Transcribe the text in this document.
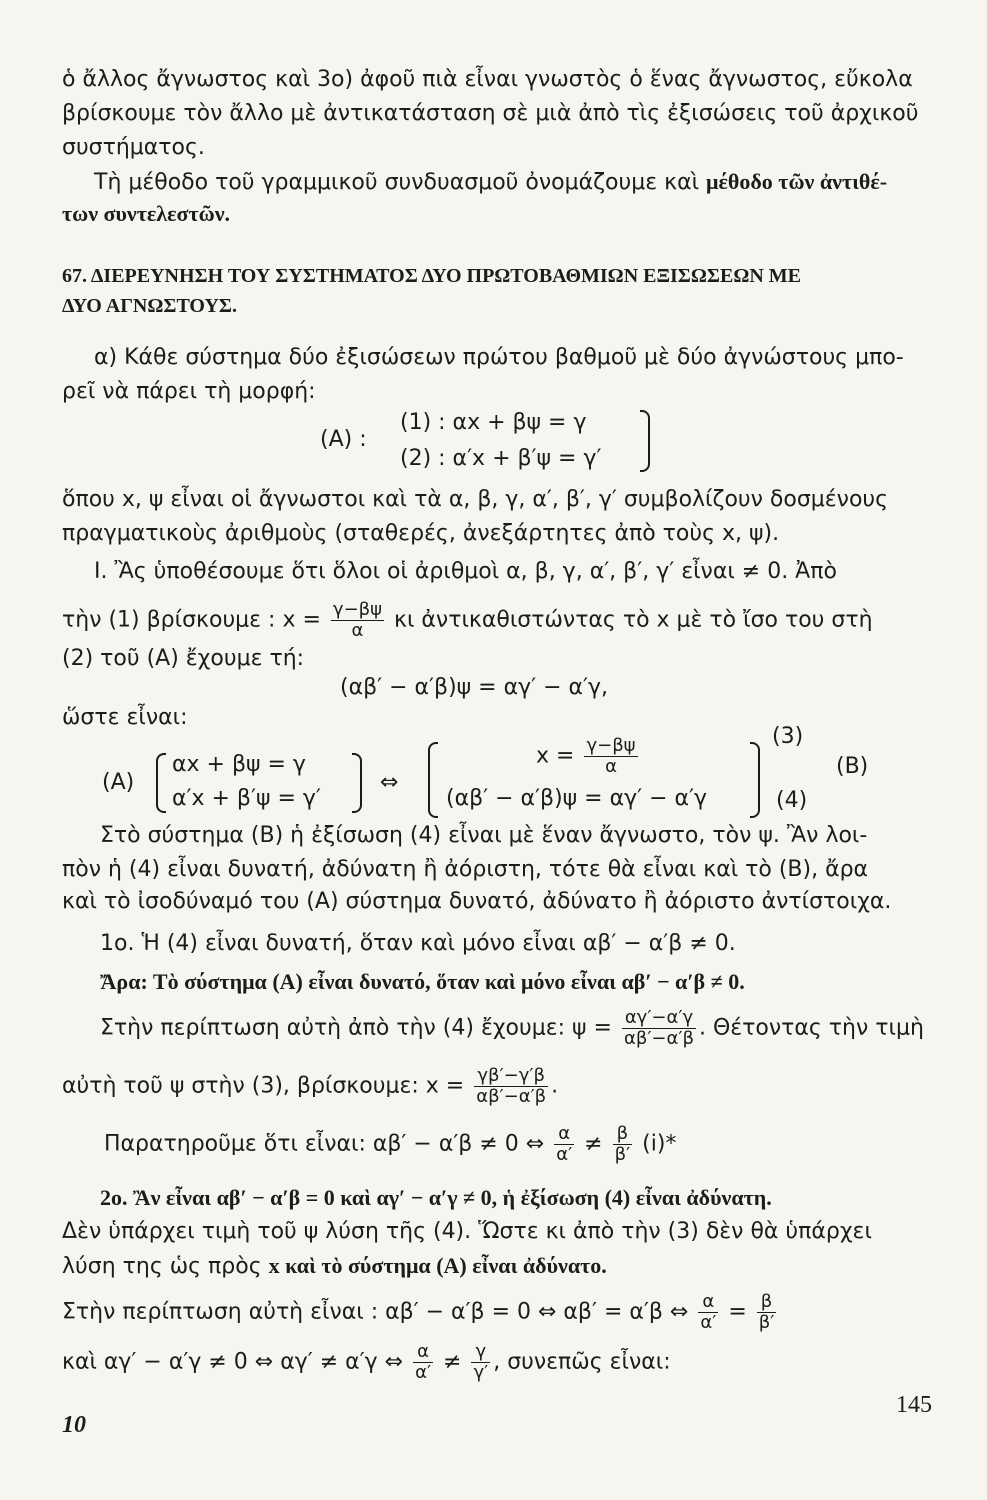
ὁ ἄλλος ἄγνωστος καὶ 3ο) ἀφοῦ πιὰ εἶναι γνωστὸς ὁ ἕνας ἄγνωστος, εὔκολα
βρίσκουμε τὸν ἄλλο μὲ ἀντικατάσταση σὲ μιὰ ἀπὸ τὶς ἐξισώσεις τοῦ ἀρχικοῦ
συστήματος.
Τὴ μέθοδο τοῦ γραμμικοῦ συνδυασμοῦ ὀνομάζουμε καὶ μέθοδο τῶν ἀντιθέ-
των συντελεστῶν.
67. ΔΙΕΡΕΥΝΗΣΗ ΤΟΥ ΣΥΣΤΗΜΑΤΟΣ ΔΥΟ ΠΡΩΤΟΒΑΘΜΙΩΝ ΕΞΙΣΩΣΕΩΝ ΜΕ
ΔΥΟ ΑΓΝΩΣΤΟΥΣ.
α) Κάθε σύστημα δύο ἐξισώσεων πρώτου βαθμοῦ μὲ δύο ἀγνώστους μπο-
ρεῖ νὰ πάρει τὴ μορφή:
(A) :
(1) : αx + βψ = γ
(2) : α′x + β′ψ = γ′
ὅπου x, ψ εἶναι οἱ ἄγνωστοι καὶ τὰ α, β, γ, α′, β′, γ′ συμβολίζουν δοσμένους
πραγματικοὺς ἀριθμοὺς (σταθερές, ἀνεξάρτητες ἀπὸ τοὺς x, ψ).
Ι. Ἂς ὑποθέσουμε ὅτι ὅλοι οἱ ἀριθμοὶ α, β, γ, α′, β′, γ′ εἶναι ≠ 0. Ἀπὸ
τὴν (1) βρίσκουμε : $x = \frac{\gamma-\beta\psi}{\alpha}$ κι ἀντικαθιστώντας τὸ x μὲ τὸ ἴσο του στὴ
(2) τοῦ (A) ἔχουμε τή:
(αβ′ − α′β)ψ = αγ′ − α′γ,
ὥστε εἶναι:
(A)
αx + βψ = γ
α′x + β′ψ = γ′
⇔
$x = \frac{\gamma-\beta\psi}{\alpha}$
(αβ′ − α′β)ψ = αγ′ − α′γ
(3)
(4)
(B)
Στὸ σύστημα (B) ἡ ἐξίσωση (4) εἶναι μὲ ἕναν ἄγνωστο, τὸν ψ. Ἂν λοι-
πὸν ἡ (4) εἶναι δυνατή, ἀδύνατη ἢ ἀόριστη, τότε θὰ εἶναι καὶ τὸ (B), ἄρα
καὶ τὸ ἰσοδύναμό του (A) σύστημα δυνατό, ἀδύνατο ἢ ἀόριστο ἀντίστοιχα.
1ο. Ἡ (4) εἶναι δυνατή, ὅταν καὶ μόνο εἶναι αβ′ − α′β ≠ 0.
Ἄρα: Τὸ σύστημα (A) εἶναι δυνατό, ὅταν καὶ μόνο εἶναι αβ′ − α′β ≠ 0.
Στὴν περίπτωση αὐτὴ ἀπὸ τὴν (4) ἔχουμε: $\psi = \frac{\alpha\gamma'-\alpha'\gamma}{\alpha\beta'-\alpha'\beta}$ . Θέτοντας τὴν τιμὴ
αὐτὴ τοῦ ψ στὴν (3), βρίσκουμε: $x = \frac{\gamma\beta'-\gamma'\beta}{\alpha\beta'-\alpha'\beta}$ .
Παρατηροῦμε ὅτι εἶναι: αβ′ − α′β ≠ 0 ⇔ $\frac{\alpha}{\alpha'} \ne \frac{\beta}{\beta'} (i)*$
2ο. Ἂν εἶναι αβ′ − α′β = 0 καὶ αγ′ − α′γ ≠ 0, ἡ ἐξίσωση (4) εἶναι ἀδύνατη.
Δὲν ὑπάρχει τιμὴ τοῦ ψ λύση τῆς (4). Ὥστε κι ἀπὸ τὴν (3) δὲν θὰ ὑπάρχει
λύση της ὡς πρὸς x καὶ τὸ σύστημα (A) εἶναι ἀδύνατο.
Στὴν περίπτωση αὐτὴ εἶναι : αβ′ − α′β = 0 ⇔ αβ′ = α′β ⇔ $\frac{\alpha}{\alpha'} = \frac{\beta}{\beta'}$
καὶ αγ′ − α′γ ≠ 0 ⇔ αγ′ ≠ α′γ ⇔ $\frac{\alpha}{\alpha'} \ne \frac{\gamma}{\gamma'}$ , συνεπῶς εἶναι:
10
145
